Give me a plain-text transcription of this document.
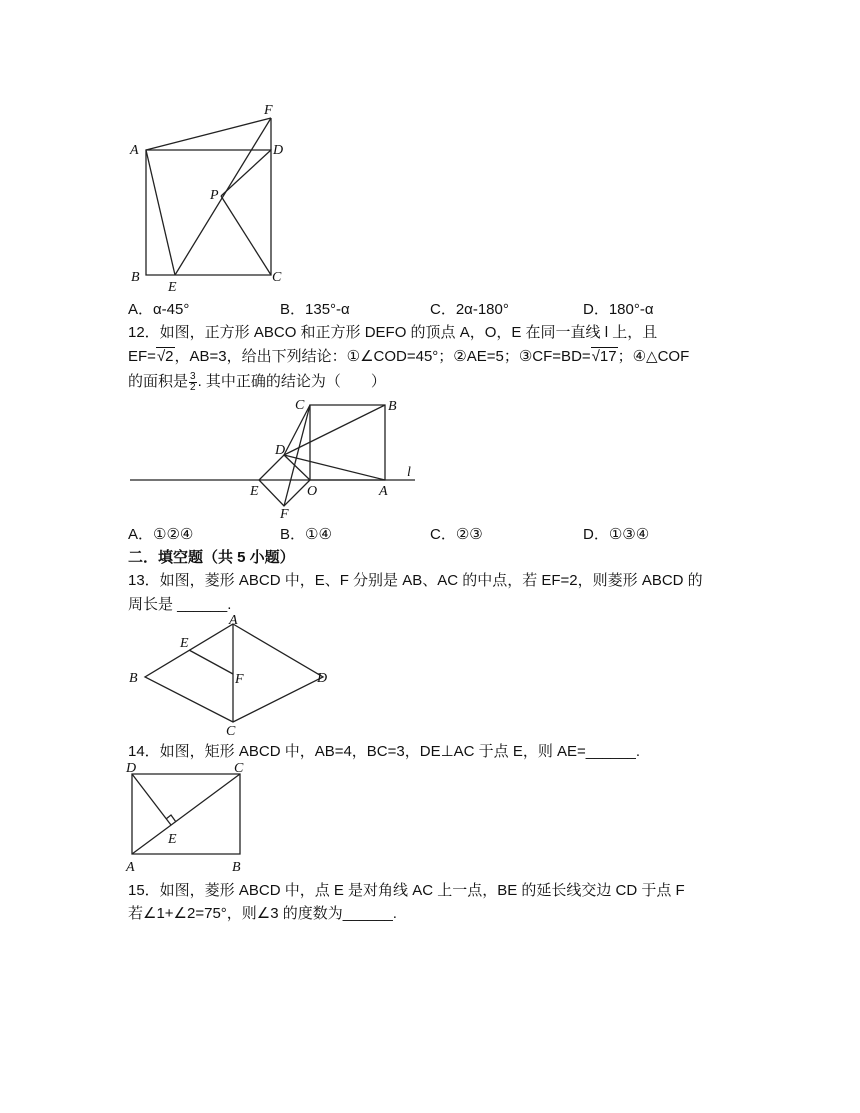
F
A	D
P
B	C
E
A．α-45°	B．135°-α	C．2α-180°	D．180°-α
12．如图，正方形 ABCO 和正方形 DEFO 的顶点 A，O，E 在同一直线 l 上，且
EF=√2，AB=3，给出下列结论：①∠COD=45°；②AE=5；③CF=BD=√17；④△COF
的面积是 $\frac{3}{2}$ . 其中正确的结论为（　　）
C	B
D
l
E	O	A
F
A．①②④	B．①④	C．②③	D．①③④
二．填空题（共 5 小题）
13．如图，菱形 ABCD 中，E、F 分别是 AB、AC 的中点，若 EF=2，则菱形 ABCD 的
周长是 ______.
A
E
B	F	D
C
14．如图，矩形 ABCD 中，AB=4，BC=3，DE⊥AC 于点 E，则 AE=______.
D	C
E
A	B
15．如图，菱形 ABCD 中，点 E 是对角线 AC 上一点，BE 的延长线交边 CD 于点 F
若∠1+∠2=75°，则∠3 的度数为______.
